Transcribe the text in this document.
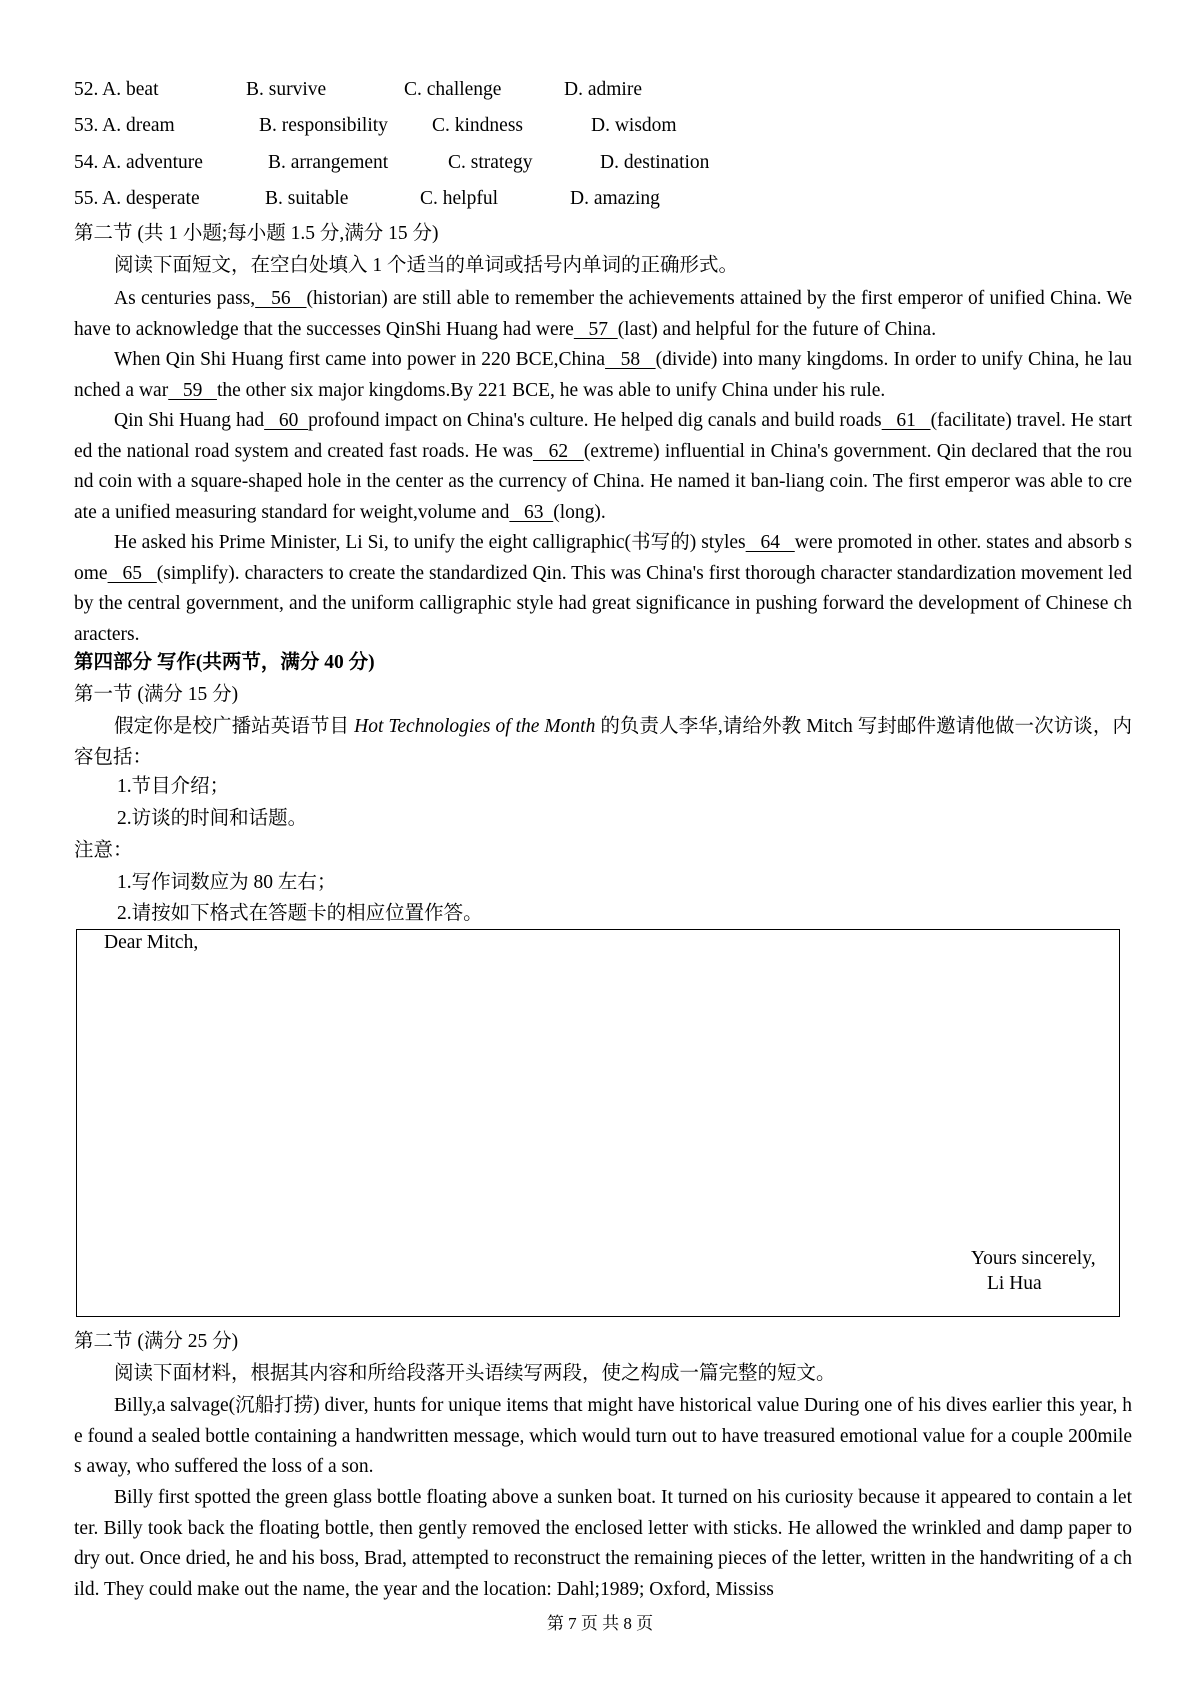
52. A. beat	B. survive	C. challenge	D. admire
53. A. dream	B. responsibility C. kindness	D. wisdom
54. A. adventure	B. arrangement	C. strategy	D. destination
55. A. desperate	B. suitable	C. helpful	D. amazing
第二节 (共 1 小题;每小题 1.5 分,满分 15 分)
阅读下面短文，在空白处填入 1 个适当的单词或括号内单词的正确形式。
As centuries pass,   56   (historian) are still able to remember the achievements attained by the first emperor of unified China. We have to acknowledge that the successes QinShi Huang had were   57  (last) and helpful for the future of China.
When Qin Shi Huang first came into power in 220 BCE,China   58   (divide) into many kingdoms. In order to unify China, he launched a war   59   the other six major kingdoms.By 221 BCE, he was able to unify China under his rule.
Qin Shi Huang had   60  profound impact on China's culture. He helped dig canals and build roads   61   (facilitate) travel. He started the national road system and created fast roads. He was   62   (extreme) influential in China's government. Qin declared that the round coin with a square-shaped hole in the center as the currency of China. He named it ban-liang coin. The first emperor was able to create a unified measuring standard for weight,volume and   63  (long).
He asked his Prime Minister, Li Si, to unify the eight calligraphic(书写的) styles   64   were promoted in other. states and absorb some   65   (simplify). characters to create the standardized Qin. This was China's first thorough character standardization movement led by the central government, and the uniform calligraphic style had great significance in pushing forward the development of Chinese characters.
第四部分 写作(共两节，满分 40 分)
第一节 (满分 15 分)
假定你是校广播站英语节目 Hot Technologies of the Month 的负责人李华,请给外教 Mitch 写封邮件邀请他做一次访谈，内容包括：
1.节目介绍；
2.访谈的时间和话题。
注意：
1.写作词数应为 80 左右；
2.请按如下格式在答题卡的相应位置作答。
Dear Mitch,
Yours sincerely,
Li Hua
第二节 (满分 25 分)
阅读下面材料，根据其内容和所给段落开头语续写两段，使之构成一篇完整的短文。
Billy,a salvage(沉船打捞) diver, hunts for unique items that might have historical value During one of his dives earlier this year, he found a sealed bottle containing a handwritten message, which would turn out to have treasured emotional value for a couple 200miles away, who suffered the loss of a son.
Billy first spotted the green glass bottle floating above a sunken boat. It turned on his curiosity because it appeared to contain a letter. Billy took back the floating bottle, then gently removed the enclosed letter with sticks. He allowed the wrinkled and damp paper to dry out. Once dried, he and his boss, Brad, attempted to reconstruct the remaining pieces of the letter, written in the handwriting of a child. They could make out the name, the year and the location: Dahl;1989; Oxford, Mississ
第 7 页 共 8 页
